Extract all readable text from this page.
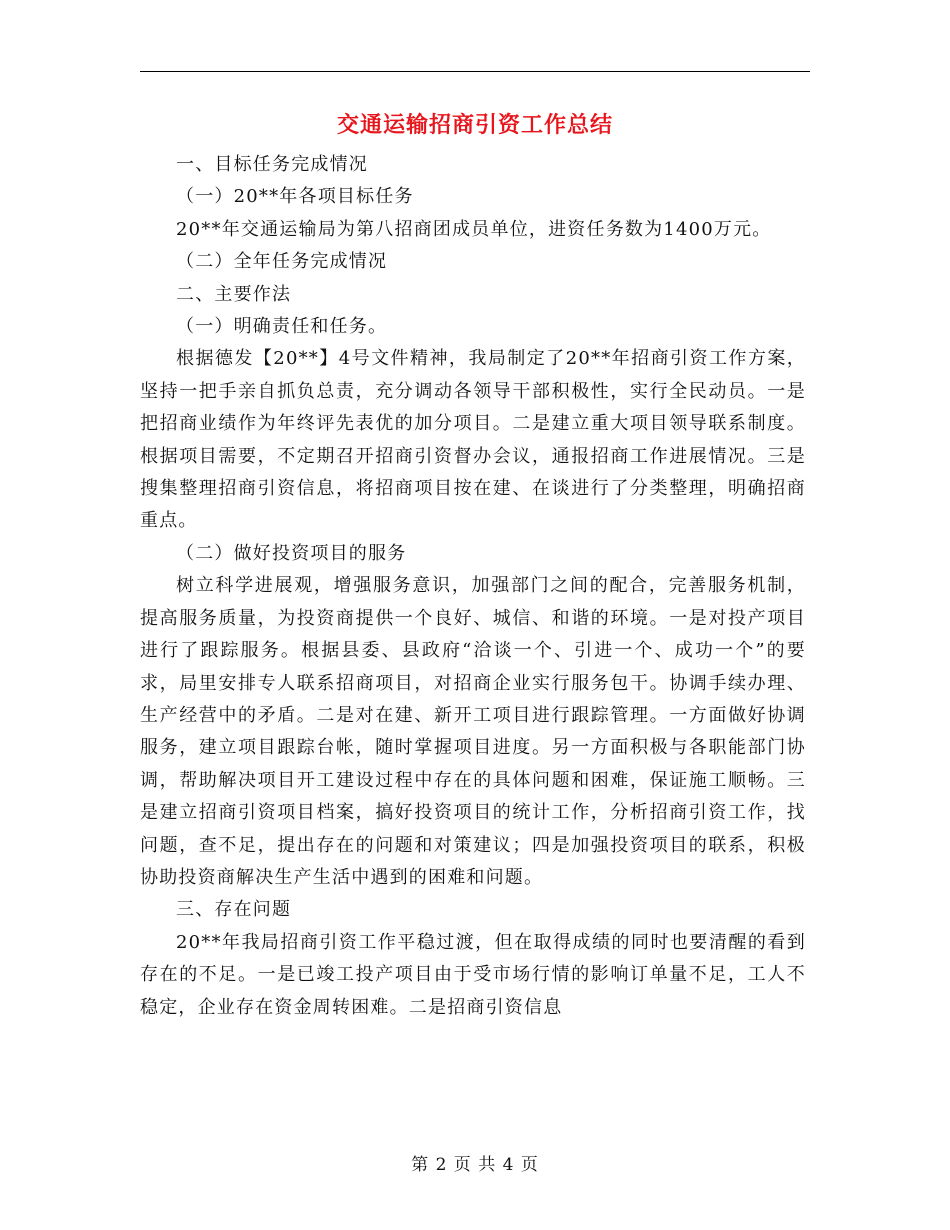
交通运输招商引资工作总结

一、目标任务完成情况

（一）20**年各项目标任务

20**年交通运输局为第八招商团成员单位，进资任务数为1400万元。

（二）全年任务完成情况

二、主要作法

（一）明确责任和任务。

根据德发【20**】4号文件精神，我局制定了20**年招商引资工作方案，坚持一把手亲自抓负总责，充分调动各领导干部积极性，实行全民动员。一是把招商业绩作为年终评先表优的加分项目。二是建立重大项目领导联系制度。根据项目需要，不定期召开招商引资督办会议，通报招商工作进展情况。三是搜集整理招商引资信息，将招商项目按在建、在谈进行了分类整理，明确招商重点。

（二）做好投资项目的服务

树立科学进展观，增强服务意识，加强部门之间的配合，完善服务机制，提高服务质量，为投资商提供一个良好、城信、和谐的环境。一是对投产项目进行了跟踪服务。根据县委、县政府“洽谈一个、引进一个、成功一个”的要求，局里安排专人联系招商项目，对招商企业实行服务包干。协调手续办理、生产经营中的矛盾。二是对在建、新开工项目进行跟踪管理。一方面做好协调服务，建立项目跟踪台帐，随时掌握项目进度。另一方面积极与各职能部门协调，帮助解决项目开工建设过程中存在的具体问题和困难，保证施工顺畅。三是建立招商引资项目档案，搞好投资项目的统计工作，分析招商引资工作，找问题，查不足，提出存在的问题和对策建议；四是加强投资项目的联系，积极协助投资商解决生产生活中遇到的困难和问题。

三、存在问题

20**年我局招商引资工作平稳过渡，但在取得成绩的同时也要清醒的看到存在的不足。一是已竣工投产项目由于受市场行情的影响订单量不足，工人不稳定，企业存在资金周转困难。二是招商引资信息

第 2 页 共 4 页
